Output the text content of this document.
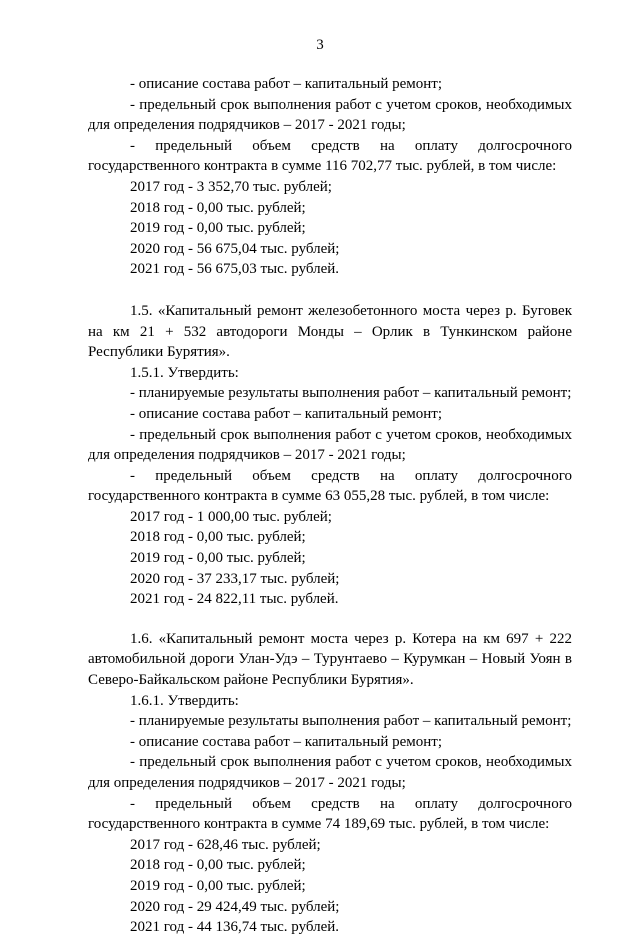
3
- описание состава работ – капитальный ремонт;
- предельный срок выполнения работ с учетом сроков, необходимых для определения подрядчиков – 2017 - 2021 годы;
- предельный объем средств на оплату долгосрочного государственного контракта в сумме 116 702,77 тыс. рублей, в том числе:
2017 год - 3 352,70 тыс. рублей;
2018 год - 0,00 тыс. рублей;
2019 год - 0,00 тыс. рублей;
2020 год - 56 675,04 тыс. рублей;
2021 год - 56 675,03 тыс. рублей.
1.5. «Капитальный ремонт железобетонного моста через р. Буговек на км 21 + 532 автодороги Монды – Орлик в Тункинском районе Республики Бурятия».
1.5.1. Утвердить:
- планируемые результаты выполнения работ – капитальный ремонт;
- описание состава работ – капитальный ремонт;
- предельный срок выполнения работ с учетом сроков, необходимых для определения подрядчиков – 2017 - 2021 годы;
- предельный объем средств на оплату долгосрочного государственного контракта в сумме 63 055,28 тыс. рублей, в том числе:
2017 год - 1 000,00 тыс. рублей;
2018 год - 0,00 тыс. рублей;
2019 год - 0,00 тыс. рублей;
2020 год - 37 233,17 тыс. рублей;
2021 год - 24 822,11 тыс. рублей.
1.6. «Капитальный ремонт моста через р. Котера на км 697 + 222 автомобильной дороги Улан-Удэ – Турунтаево – Курумкан – Новый Уоян в Северо-Байкальском районе Республики Бурятия».
1.6.1. Утвердить:
- планируемые результаты выполнения работ – капитальный ремонт;
- описание состава работ – капитальный ремонт;
- предельный срок выполнения работ с учетом сроков, необходимых для определения подрядчиков – 2017 - 2021 годы;
- предельный объем средств на оплату долгосрочного государственного контракта в сумме 74 189,69 тыс. рублей, в том числе:
2017 год - 628,46 тыс. рублей;
2018 год - 0,00 тыс. рублей;
2019 год - 0,00 тыс. рублей;
2020 год - 29 424,49 тыс. рублей;
2021 год - 44 136,74 тыс. рублей.
